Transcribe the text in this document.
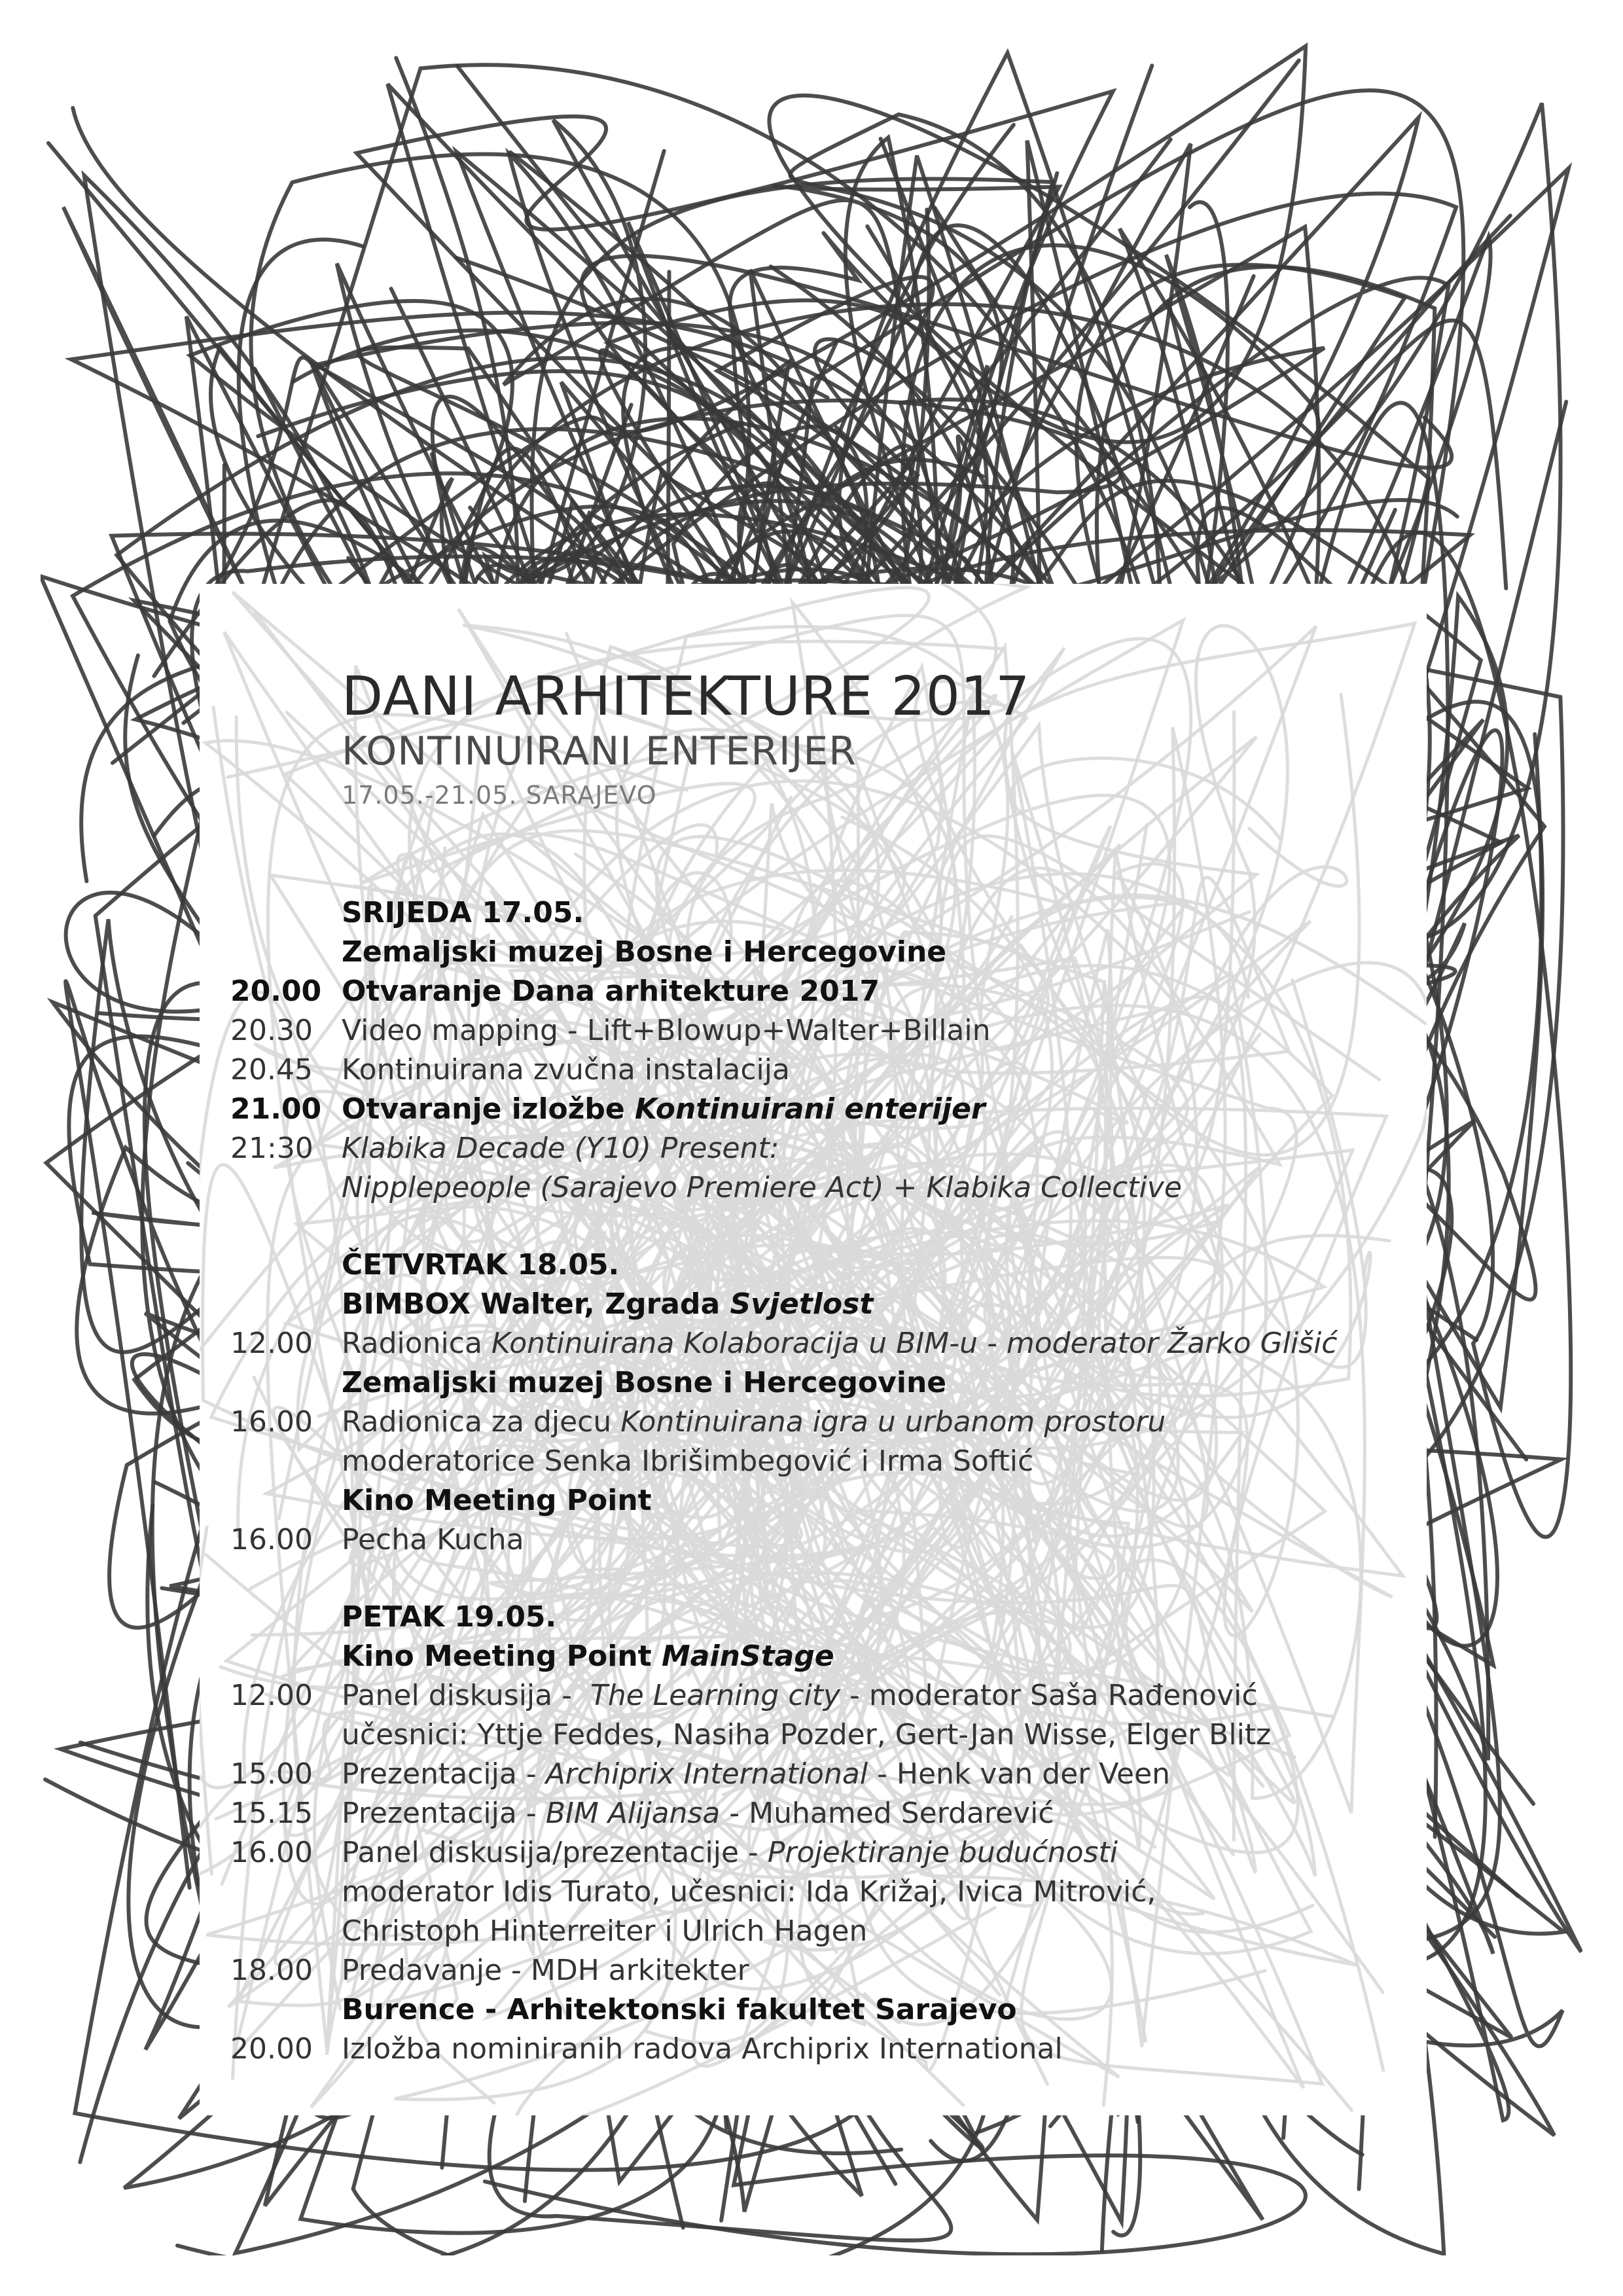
DANI ARHITEKTURE 2017
KONTINUIRANI ENTERIJER
17.05.-21.05. SARAJEVO
SRIJEDA 17.05.
Zemaljski muzej Bosne i Hercegovine
20.00 Otvaranje Dana arhitekture 2017
20.30	Video mapping - Lift+Blowup+Walter+Billain
20.45	Kontinuirana zvučna instalacija
21.00 Otvaranje izložbe Kontinuirani enterijer
21:30 Klabika Decade (Y10) Present:
Nipplepeople (Sarajevo Premiere Act) + Klabika Collective
ČETVRTAK 18.05.
BIMBOX Walter, Zgrada Svjetlost
12.00	Radionica Kontinuirana Kolaboracija u BIM-u - moderator Žarko Glišić
Zemaljski muzej Bosne i Hercegovine
16.00	Radionica za djecu Kontinuirana igra u urbanom prostoru
moderatorice Senka Ibrišimbegović i Irma Softić
Kino Meeting Point
16.00	Pecha Kucha
PETAK 19.05.
Kino Meeting Point MainStage
12.00	Panel diskusija -  The Learning city - moderator Saša Rađenović
učesnici: Yttje Feddes, Nasiha Pozder, Gert-Jan Wisse, Elger Blitz
15.00	Prezentacija - Archiprix International - Henk van der Veen
15.15	Prezentacija - BIM Alijansa - Muhamed Serdarević
16.00	Panel diskusija/prezentacije - Projektiranje budućnosti
moderator Idis Turato, učesnici: Ida Križaj, Ivica Mitrović,
Christoph Hinterreiter i Ulrich Hagen
18.00	Predavanje - MDH arkitekter
Burence - Arhitektonski fakultet Sarajevo
20.00	Izložba nominiranih radova Archiprix International
